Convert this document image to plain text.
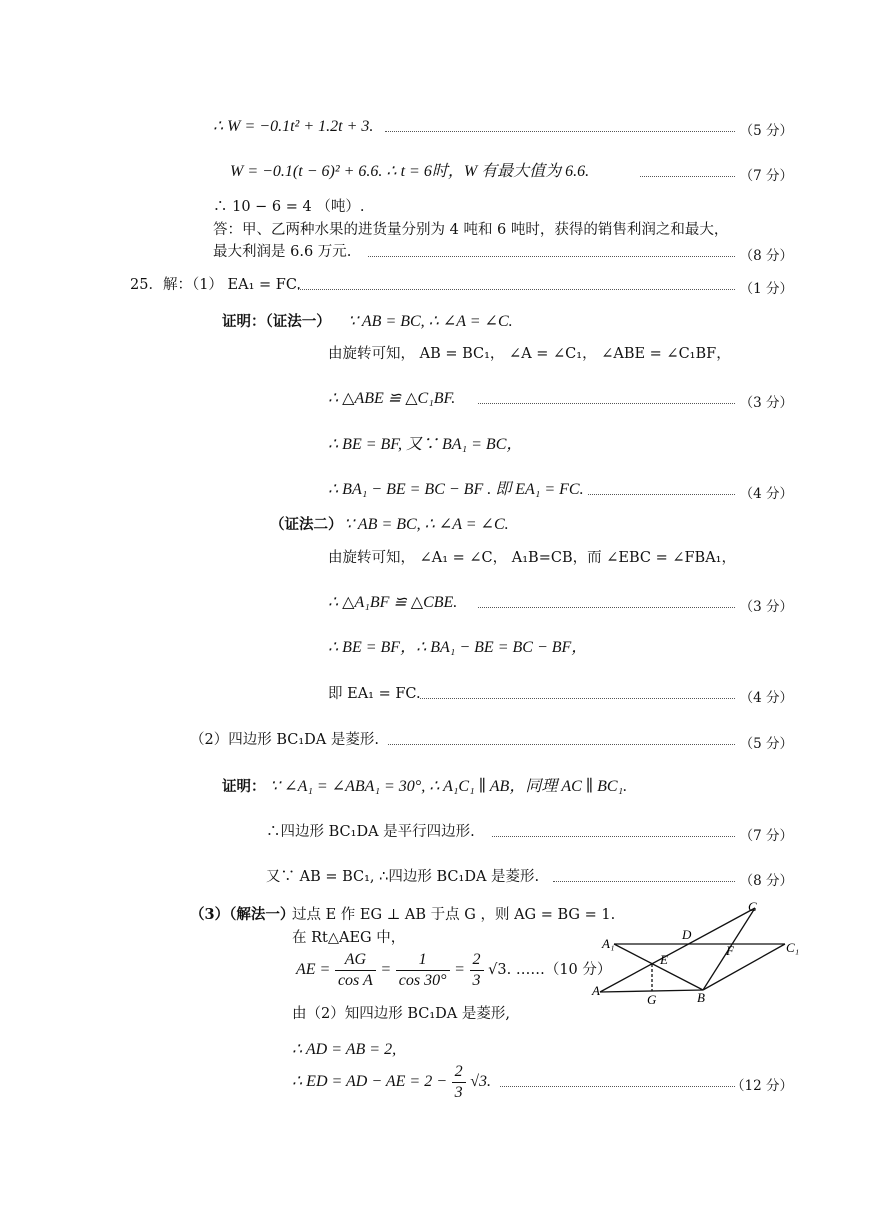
∴ W = −0.1t² + 1.2t + 3.	（5 分）
W = −0.1(t − 6)² + 6.6. ∴ t = 6时，W 有最大值为 6.6.	（7 分）
∴ 10 − 6 = 4 （吨）.
答：甲、乙两种水果的进货量分别为 4 吨和 6 吨时，获得的销售利润之和最大，
最大利润是 6.6 万元.	（8 分）
25．解：（1） EA₁ = FC.	（1 分）
证明：（证法一） ∵ AB = BC, ∴ ∠A = ∠C.
由旋转可知， AB = BC₁， ∠A = ∠C₁， ∠ABE = ∠C₁BF，
∴ △ABE ≌ △C₁BF.	（3 分）
∴ BE = BF, 又∵ BA₁ = BC，
∴ BA₁ − BE = BC − BF . 即 EA₁ = FC.	（4 分）
（证法二） ∵ AB = BC, ∴ ∠A = ∠C.
由旋转可知， ∠A₁ = ∠C， A₁B=CB，而 ∠EBC = ∠FBA₁，
∴ △A₁BF ≌ △CBE.	（3 分）
∴ BE = BF，∴ BA₁ − BE = BC − BF，
即 EA₁ = FC.	（4 分）
（2）四边形 BC₁DA 是菱形.	（5 分）
证明： ∵ ∠A₁ = ∠ABA₁ = 30°, ∴ A₁C₁ ∥ AB，同理 AC ∥ BC₁.
∴四边形 BC₁DA 是平行四边形.	（7 分）
又∵ AB = BC₁, ∴四边形 BC₁DA 是菱形.	（8 分）
（3）（解法一）
过点 E 作 EG ⊥ AB 于点 G ，则 AG = BG = 1.
在 Rt△AEG 中，
AE = $\frac{AG}{\text{cos A}} = \frac{1}{\cos 30^\circ} = \frac{2}{3} √3$. ……（10 分）
由（2）知四边形 BC₁DA 是菱形,
∴ AD = AB = 2,
∴ ED = AD − AE = $2 - \frac{2}{3} √3$.	（12 分）
C
A₁
D
C₁
F
E
A
G	B
